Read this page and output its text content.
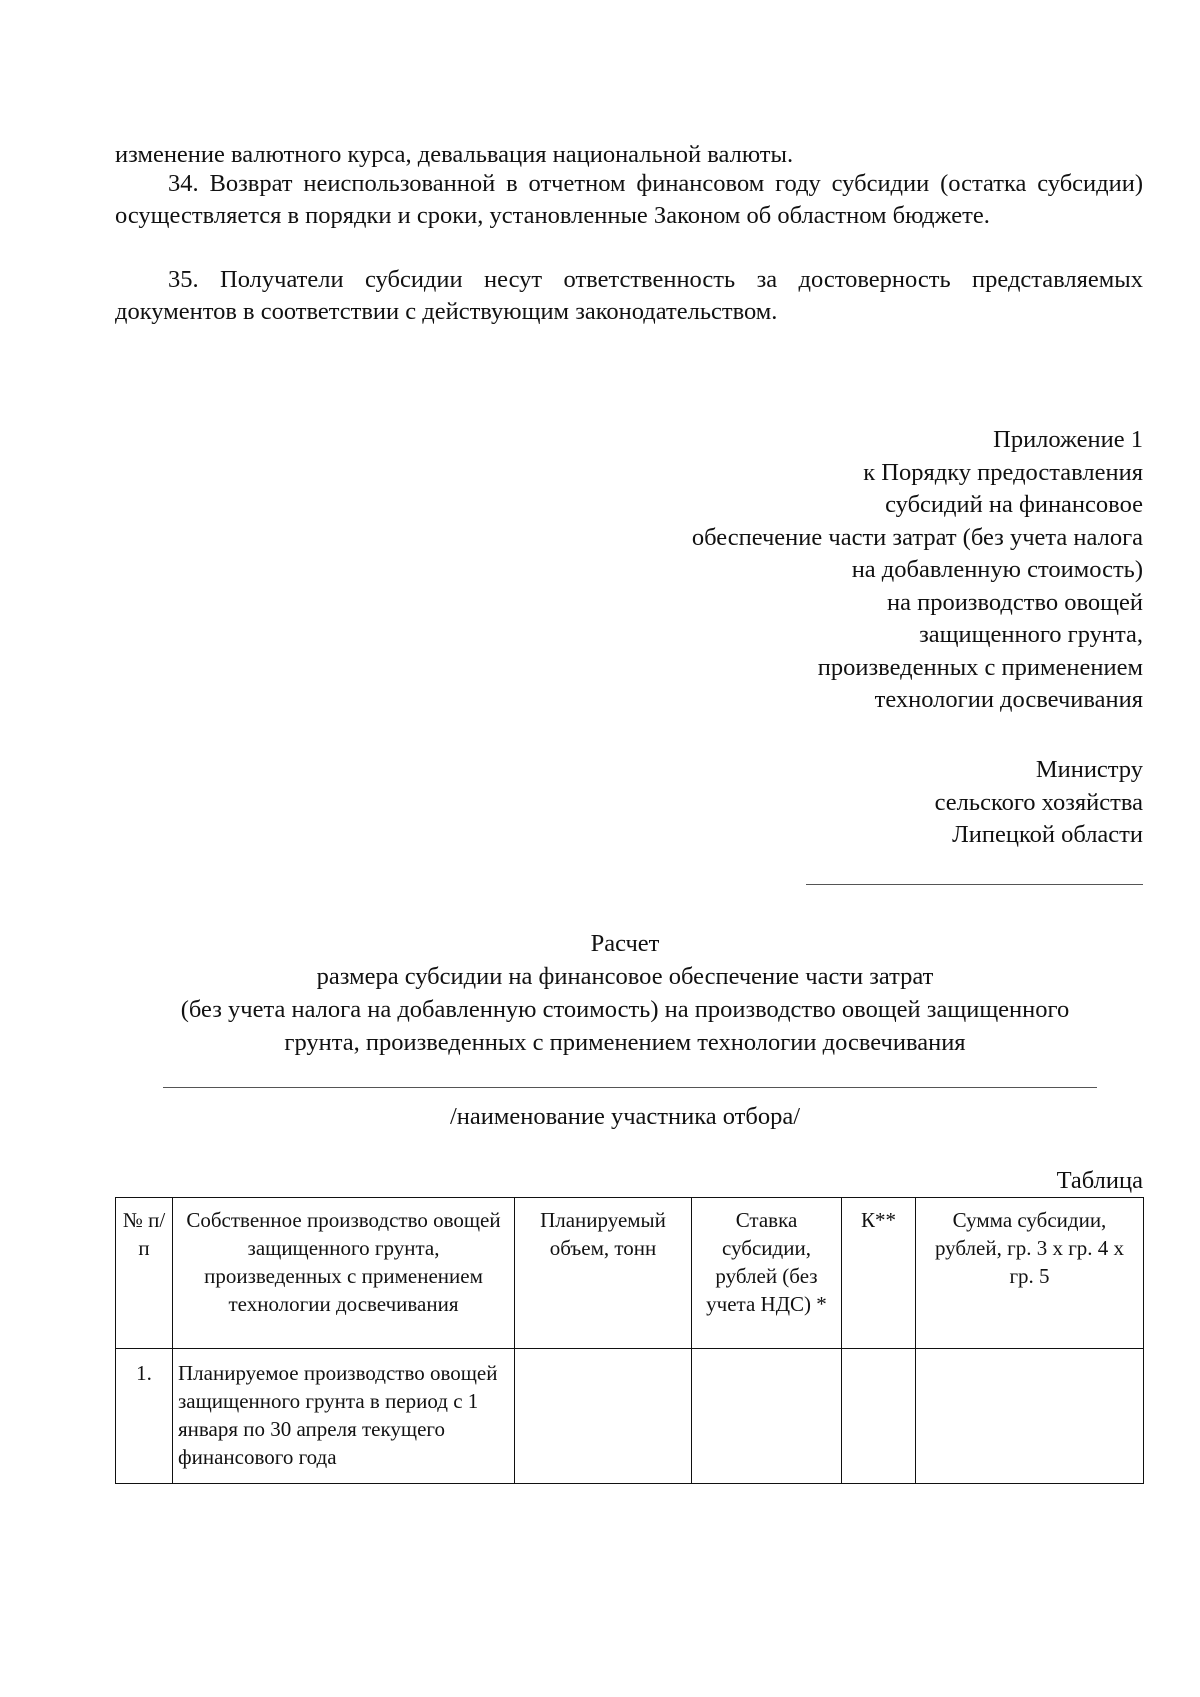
изменение валютного курса, девальвация национальной валюты.

34. Возврат неиспользованной в отчетном финансовом году субсидии (остатка субсидии) осуществляется в порядки и сроки, установленные Законом об областном бюджете.

35. Получатели субсидии несут ответственность за достоверность представляемых документов в соответствии с действующим законодательством.

Приложение 1
к Порядку предоставления
субсидий на финансовое
обеспечение части затрат (без учета налога
на добавленную стоимость)
на производство овощей
защищенного грунта,
произведенных с применением
технологии досвечивания
Министру
сельского хозяйства
Липецкой области
Расчет
размера субсидии на финансовое обеспечение части затрат
(без учета налога на добавленную стоимость) на производство овощей защищенного
грунта, произведенных с применением технологии досвечивания
/наименование участника отбора/
Таблица
№ п/п	Собственное производство овощей защищенного грунта, произведенных с применением технологии досвечивания	Планируемый объем, тонн	Ставка субсидии, рублей (без учета НДС) *	К**	Сумма субсидии, рублей, гр. 3 х гр. 4 х гр. 5
1.	Планируемое производство овощей защищенного грунта в период с 1 января по 30 апреля текущего финансового года				
